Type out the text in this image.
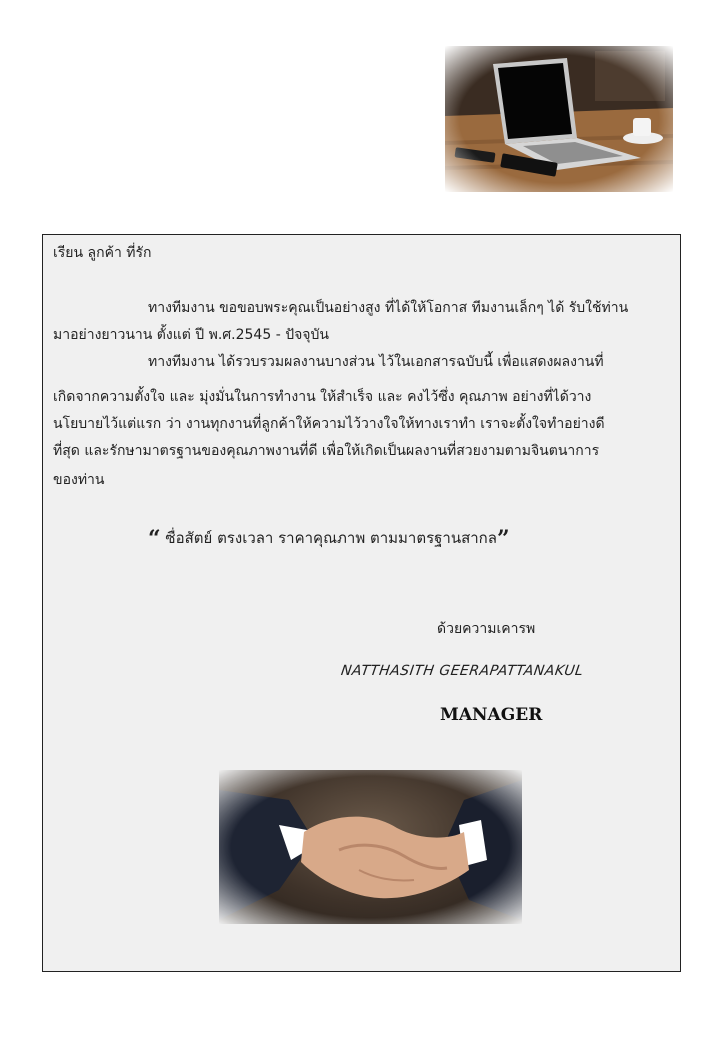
เรียน ลูกค้า ที่รัก
ทางทีมงาน ขอขอบพระคุณเป็นอย่างสูง ที่ได้ให้โอกาส ทีมงานเล็กๆ ได้ รับใช้ท่าน
มาอย่างยาวนาน ตั้งแต่ ปี พ.ศ.2545 - ปัจจุบัน
ทางทีมงาน ได้รวบรวมผลงานบางส่วน ไว้ในเอกสารฉบับนี้ เพื่อแสดงผลงานที่
เกิดจากความตั้งใจ และ มุ่งมั่นในการทำงาน ให้สำเร็จ และ คงไว้ซึ่ง คุณภาพ อย่างที่ได้วาง
นโยบายไว้แต่แรก ว่า งานทุกงานที่ลูกค้าให้ความไว้วางใจให้ทางเราทำ เราจะตั้งใจทำอย่างดี
ที่สุด และรักษามาตรฐานของคุณภาพงานที่ดี เพื่อให้เกิดเป็นผลงานที่สวยงามตามจินตนาการ
ของท่าน
“ ซื่อสัตย์ ตรงเวลา ราคาคุณภาพ ตามมาตรฐานสากล”
ด้วยความเคารพ
NATTHASITH GEERAPATTANAKUL
MANAGER
